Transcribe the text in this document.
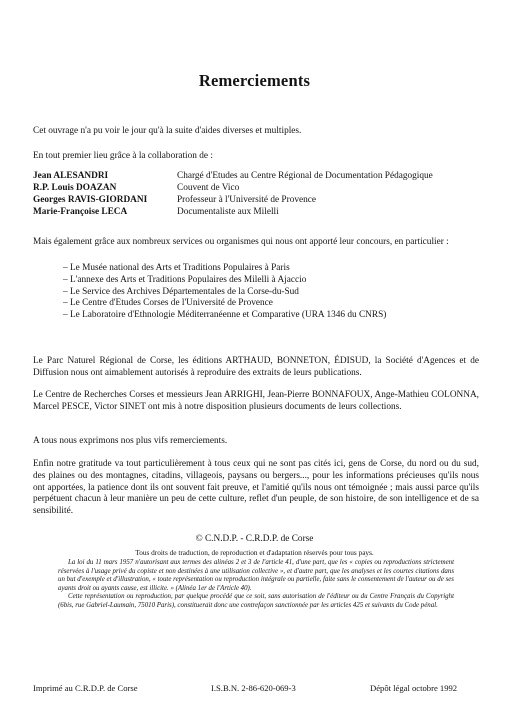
Remerciements

Cet ouvrage n'a pu voir le jour qu'à la suite d'aides diverses et multiples.

En tout premier lieu grâce à la collaboration de :

Jean ALESANDRI	Chargé d'Etudes au Centre Régional de Documentation Pédagogique
R.P. Louis DOAZAN	Couvent de Vico
Georges RAVIS-GIORDANI	Professeur à l'Université de Provence
Marie-Françoise LECA	Documentaliste aux Milelli

Mais également grâce aux nombreux services ou organismes qui nous ont apporté leur concours, en particulier :

– Le Musée national des Arts et Traditions Populaires à Paris
– L'annexe des Arts et Traditions Populaires des Milelli à Ajaccio
– Le Service des Archives Départementales de la Corse-du-Sud
– Le Centre d'Etudes Corses de l'Université de Provence
– Le Laboratoire d'Ethnologie Méditerranéenne et Comparative (URA 1346 du CNRS)

Le Parc Naturel Régional de Corse, les éditions ARTHAUD, BONNETON, ÉDISUD, la Société d'Agences et de Diffusion nous ont aimablement autorisés à reproduire des extraits de leurs publications.

Le Centre de Recherches Corses et messieurs Jean ARRIGHI, Jean-Pierre BONNAFOUX, Ange-Mathieu COLONNA, Marcel PESCE, Victor SINET ont mis à notre disposition plusieurs documents de leurs collections.

A tous nous exprimons nos plus vifs remerciements.

Enfin notre gratitude va tout particulièrement à tous ceux qui ne sont pas cités ici, gens de Corse, du nord ou du sud, des plaines ou des montagnes, citadins, villageois, paysans ou bergers..., pour les informations précieuses qu'ils nous ont apportées, la patience dont ils ont souvent fait preuve, et l'amitié qu'ils nous ont témoignée ; mais aussi parce qu'ils perpétuent chacun à leur manière un peu de cette culture, reflet d'un peuple, de son histoire, de son intelligence et de sa sensibilité.

© C.N.D.P. - C.R.D.P. de Corse
Tous droits de traduction, de reproduction et d'adaptation réservés pour tous pays.

La loi du 11 mars 1957 n'autorisant aux termes des alinéas 2 et 3 de l'article 41, d'une part, que les « copies ou reproductions strictement réservées à l'usage privé du copiste et non destinées à une utilisation collective », et d'autre part, que les analyses et les courtes citations dans un but d'exemple et d'illustration, « toute représentation ou reproduction intégrale ou partielle, faite sans le consentement de l'auteur ou de ses ayants droit ou ayants cause, est illicite. » (Alinéa 1er de l'Article 40).

Cette représentation ou reproduction, par quelque procédé que ce soit, sans autorisation de l'éditeur ou du Centre Français du Copyright (6bis, rue Gabriel-Laumain, 75010 Paris), constituerait donc une contrefaçon sanctionnée par les articles 425 et suivants du Code pénal.

Imprimé au C.R.D.P. de Corse	I.S.B.N. 2-86-620-069-3	Dépôt légal octobre 1992
